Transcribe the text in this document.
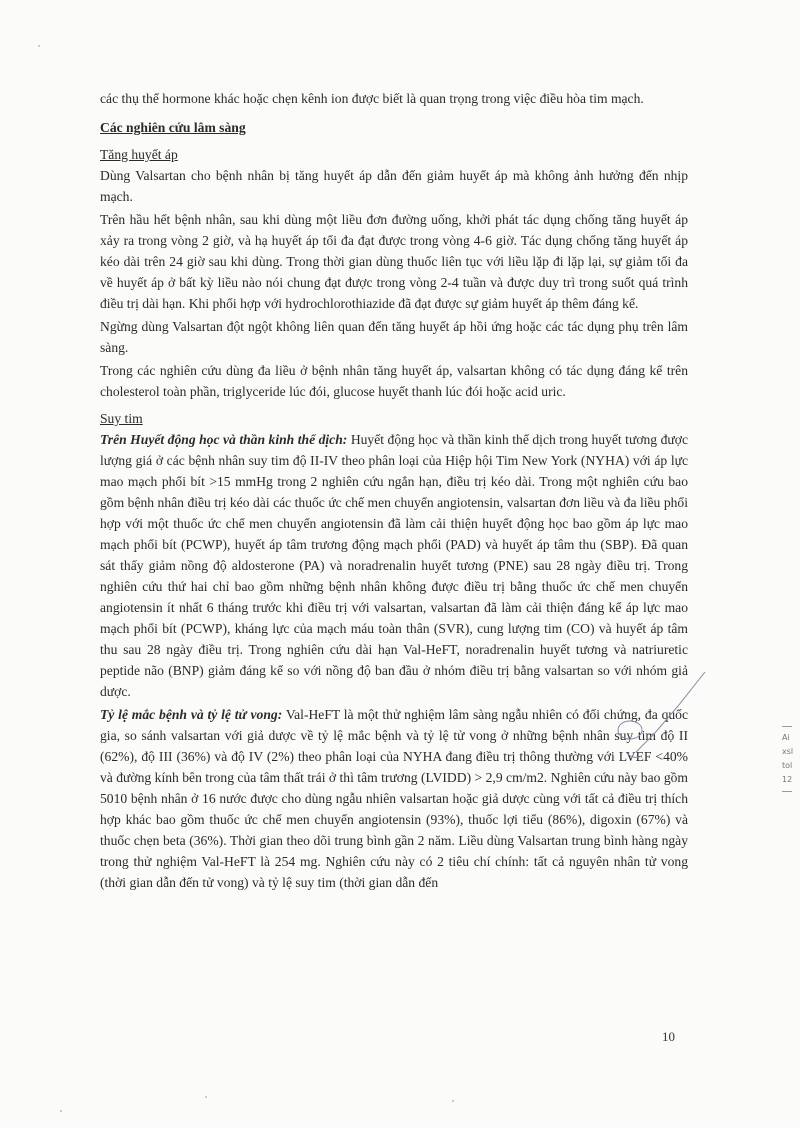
các thụ thể hormone khác hoặc chẹn kênh ion được biết là quan trọng trong việc điều hòa tim mạch.

Các nghiên cứu lâm sàng

Tăng huyết áp

Dùng Valsartan cho bệnh nhân bị tăng huyết áp dẫn đến giảm huyết áp mà không ảnh hưởng đến nhịp mạch.

Trên hầu hết bệnh nhân, sau khi dùng một liều đơn đường uống, khởi phát tác dụng chống tăng huyết áp xảy ra trong vòng 2 giờ, và hạ huyết áp tối đa đạt được trong vòng 4-6 giờ. Tác dụng chống tăng huyết áp kéo dài trên 24 giờ sau khi dùng. Trong thời gian dùng thuốc liên tục với liều lặp đi lặp lại, sự giảm tối đa về huyết áp ở bất kỳ liều nào nói chung đạt được trong vòng 2-4 tuần và được duy trì trong suốt quá trình điều trị dài hạn. Khi phối hợp với hydrochlorothiazide đã đạt được sự giảm huyết áp thêm đáng kể.

Ngừng dùng Valsartan đột ngột không liên quan đến tăng huyết áp hồi ứng hoặc các tác dụng phụ trên lâm sàng.

Trong các nghiên cứu dùng đa liều ở bệnh nhân tăng huyết áp, valsartan không có tác dụng đáng kể trên cholesterol toàn phần, triglyceride lúc đói, glucose huyết thanh lúc đói hoặc acid uric.

Suy tim

Trên Huyết động học và thần kinh thể dịch: Huyết động học và thần kinh thể dịch trong huyết tương được lượng giá ở các bệnh nhân suy tim độ II-IV theo phân loại của Hiệp hội Tim New York (NYHA) với áp lực mao mạch phổi bít >15 mmHg trong 2 nghiên cứu ngắn hạn, điều trị kéo dài. Trong một nghiên cứu bao gồm bệnh nhân điều trị kéo dài các thuốc ức chế men chuyển angiotensin, valsartan đơn liều và đa liều phối hợp với một thuốc ức chế men chuyển angiotensin đã làm cải thiện huyết động học bao gồm áp lực mao mạch phổi bít (PCWP), huyết áp tâm trương động mạch phổi (PAD) và huyết áp tâm thu (SBP). Đã quan sát thấy giảm nồng độ aldosterone (PA) và noradrenalin huyết tương (PNE) sau 28 ngày điều trị. Trong nghiên cứu thứ hai chỉ bao gồm những bệnh nhân không được điều trị bằng thuốc ức chế men chuyển angiotensin ít nhất 6 tháng trước khi điều trị với valsartan, valsartan đã làm cải thiện đáng kể áp lực mao mạch phổi bít (PCWP), kháng lực của mạch máu toàn thân (SVR), cung lượng tim (CO) và huyết áp tâm thu sau 28 ngày điều trị. Trong nghiên cứu dài hạn Val-HeFT, noradrenalin huyết tương và natriuretic peptide não (BNP) giảm đáng kể so với nồng độ ban đầu ở nhóm điều trị bằng valsartan so với nhóm giả dược.

Tỷ lệ mắc bệnh và tỷ lệ tử vong: Val-HeFT là một thử nghiệm lâm sàng ngẫu nhiên có đối chứng, đa quốc gia, so sánh valsartan với giả dược về tỷ lệ mắc bệnh và tỷ lệ tử vong ở những bệnh nhân suy tim độ II (62%), độ III (36%) và độ IV (2%) theo phân loại của NYHA đang điều trị thông thường với LVEF <40% và đường kính bên trong của tâm thất trái ở thì tâm trương (LVIDD) > 2,9 cm/m2. Nghiên cứu này bao gồm 5010 bệnh nhân ở 16 nước được cho dùng ngẫu nhiên valsartan hoặc giả dược cùng với tất cả điều trị thích hợp khác bao gồm thuốc ức chế men chuyển angiotensin (93%), thuốc lợi tiểu (86%), digoxin (67%) và thuốc chẹn beta (36%). Thời gian theo dõi trung bình gần 2 năm. Liều dùng Valsartan trung bình hàng ngày trong thử nghiệm Val-HeFT là 254 mg. Nghiên cứu này có 2 tiêu chí chính: tất cả nguyên nhân tử vong (thời gian dẫn đến tử vong) và tỷ lệ suy tim (thời gian dẫn đến

10
Ai
xsl
tol
12
